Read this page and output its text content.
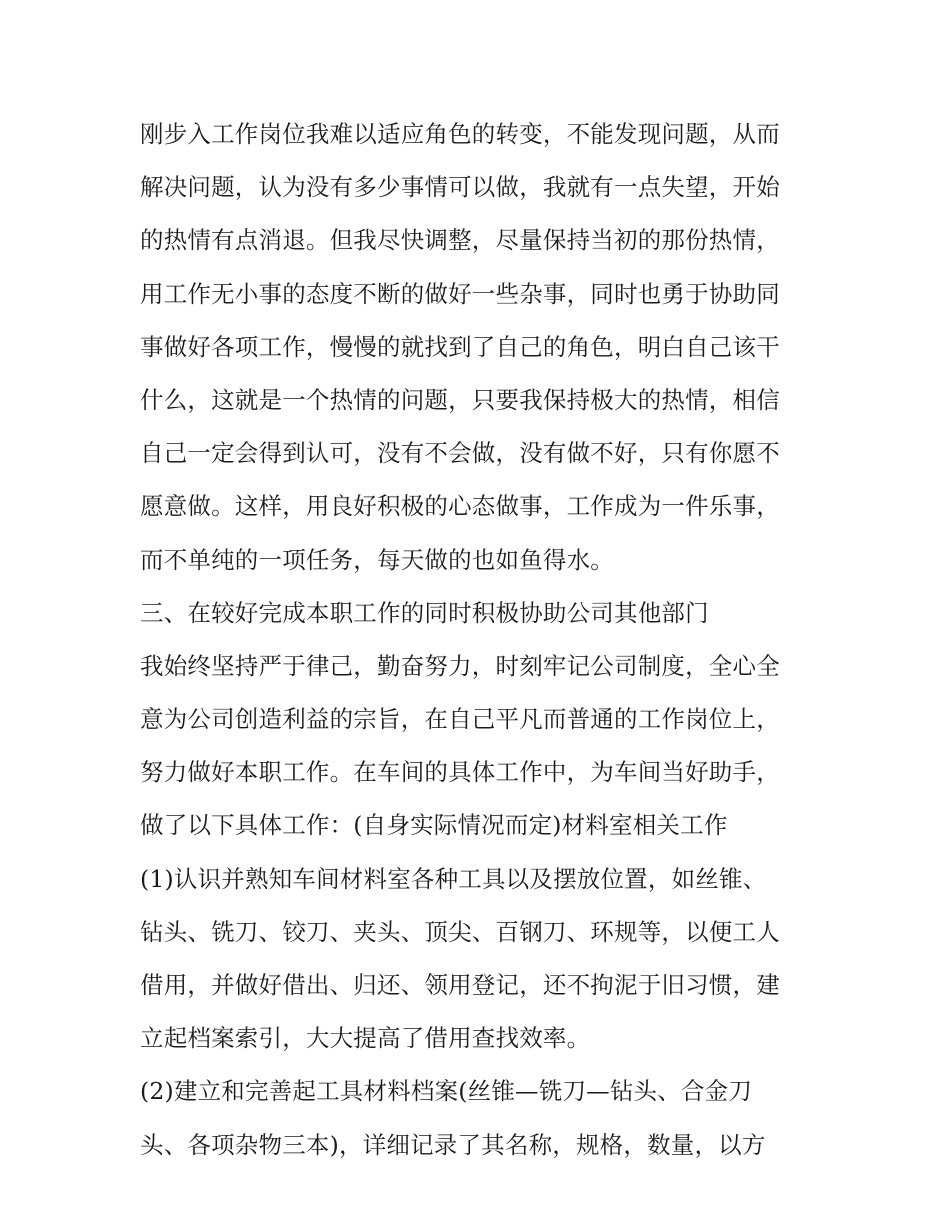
刚步入工作岗位我难以适应角色的转变，不能发现问题，从而
解决问题，认为没有多少事情可以做，我就有一点失望，开始
的热情有点消退。但我尽快调整，尽量保持当初的那份热情，
用工作无小事的态度不断的做好一些杂事，同时也勇于协助同
事做好各项工作，慢慢的就找到了自己的角色，明白自己该干
什么，这就是一个热情的问题，只要我保持极大的热情，相信
自己一定会得到认可，没有不会做，没有做不好，只有你愿不
愿意做。这样，用良好积极的心态做事，工作成为一件乐事，
而不单纯的一项任务，每天做的也如鱼得水。
三、在较好完成本职工作的同时积极协助公司其他部门
我始终坚持严于律己，勤奋努力，时刻牢记公司制度，全心全
意为公司创造利益的宗旨，在自己平凡而普通的工作岗位上，
努力做好本职工作。在车间的具体工作中，为车间当好助手，
做了以下具体工作：(自身实际情况而定)材料室相关工作
(1)认识并熟知车间材料室各种工具以及摆放位置，如丝锥、
钻头、铣刀、铰刀、夹头、顶尖、百钢刀、环规等，以便工人
借用，并做好借出、归还、领用登记，还不拘泥于旧习惯，建
立起档案索引，大大提高了借用查找效率。
(2)建立和完善起工具材料档案(丝锥—铣刀—钻头、合金刀
头、各项杂物三本)，详细记录了其名称，规格，数量，以方
